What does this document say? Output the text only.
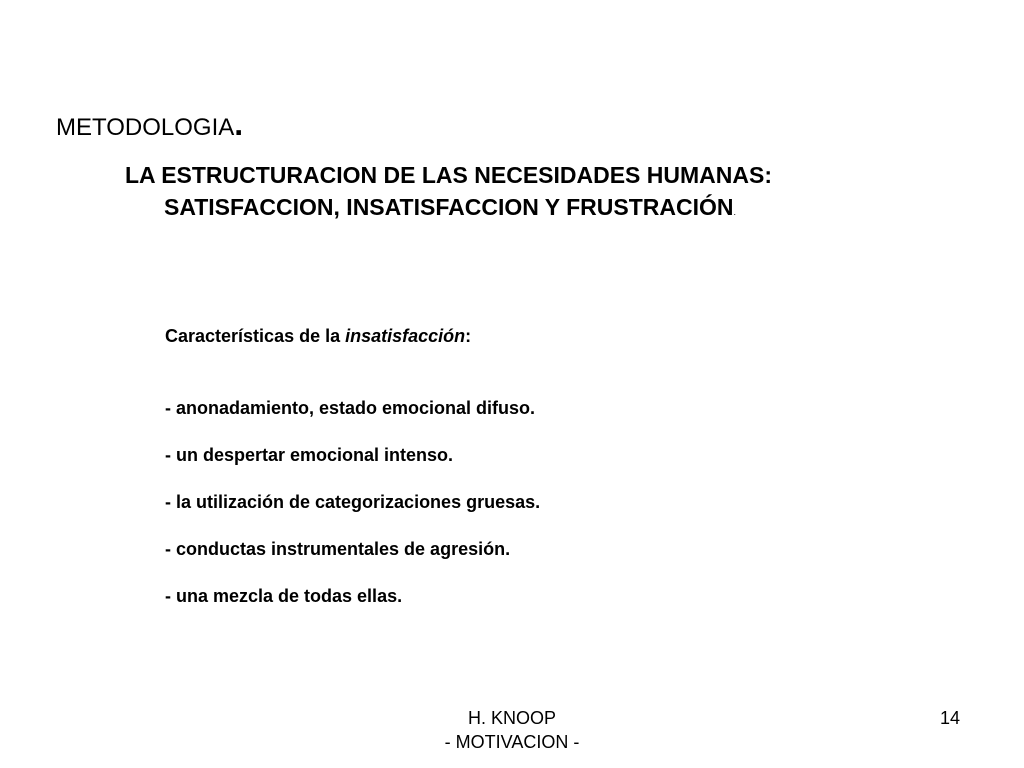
METODOLOGIA.
LA ESTRUCTURACION DE LAS NECESIDADES HUMANAS:
SATISFACCION, INSATISFACCION Y FRUSTRACIÓN.
Características de la insatisfacción:
- anonadamiento, estado emocional difuso.
- un despertar emocional intenso.
- la utilización de categorizaciones gruesas.
- conductas instrumentales de agresión.
- una mezcla de todas ellas.
H. KNOOP
- MOTIVACION -
14
